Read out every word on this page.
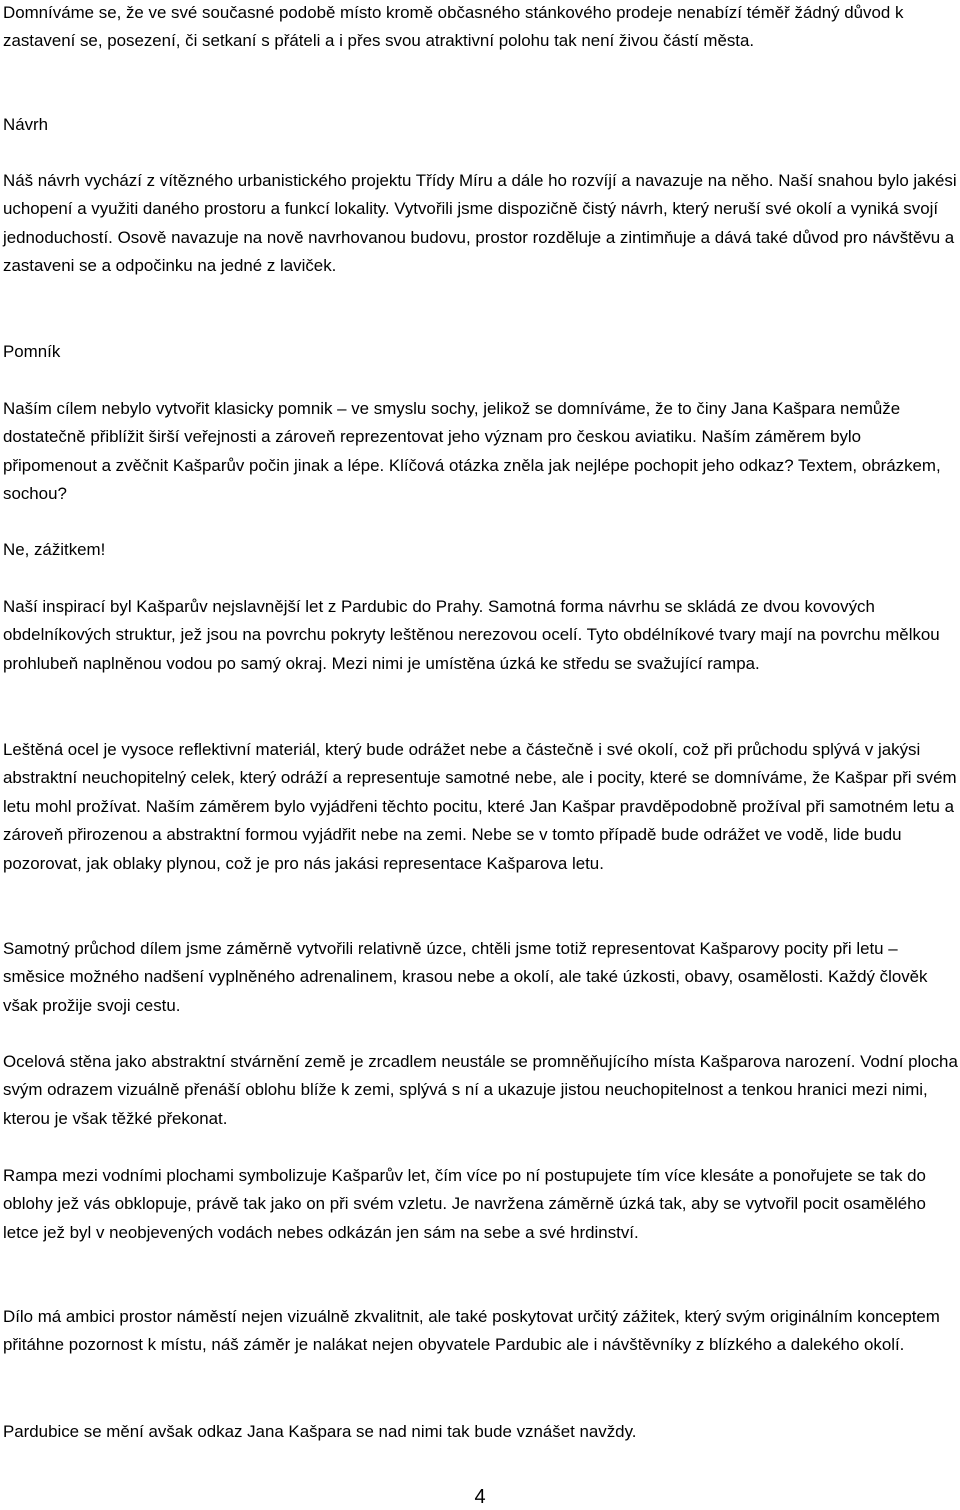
Domníváme se, že ve své současné podobě místo kromě občasného stánkového prodeje nenabízí téměř žádný důvod k zastavení se, posezení, či setkaní s přáteli a i přes svou atraktivní polohu tak není živou částí města.

Návrh

Náš návrh vychází z vítězného urbanistického projektu Třídy Míru a dále ho rozvíjí a navazuje na něho. Naší snahou bylo jakési uchopení a využiti daného prostoru a funkcí lokality. Vytvořili jsme dispozičně čistý návrh, který neruší své okolí a vyniká svojí jednoduchostí. Osově navazuje na nově navrhovanou budovu, prostor rozděluje a zintimňuje a dává také důvod pro návštěvu a zastaveni se a odpočinku na jedné z laviček.

Pomník

Naším cílem nebylo vytvořit klasicky pomnik – ve smyslu sochy, jelikož se domníváme, že to činy Jana Kašpara nemůže dostatečně přiblížit širší veřejnosti a zároveň reprezentovat jeho význam pro českou aviatiku. Naším záměrem bylo připomenout a zvěčnit Kašparův počin jinak a lépe. Klíčová otázka zněla jak nejlépe pochopit jeho odkaz? Textem, obrázkem, sochou?

Ne, zážitkem!

Naší inspirací byl Kašparův nejslavnější let z Pardubic do Prahy. Samotná forma návrhu se skládá ze dvou kovových obdelníkových struktur, jež jsou na povrchu pokryty leštěnou nerezovou ocelí. Tyto obdélníkové tvary mají na povrchu mělkou prohlubeň naplněnou vodou po samý okraj. Mezi nimi je umístěna úzká ke středu se svažující rampa.

Leštěná ocel je vysoce reflektivní materiál, který bude odrážet nebe a částečně i své okolí, což při průchodu splývá v jakýsi abstraktní neuchopitelný celek, který odráží a representuje samotné nebe, ale i pocity, které se domníváme, že Kašpar při svém letu mohl prožívat. Naším záměrem bylo vyjádřeni těchto pocitu, které Jan Kašpar pravděpodobně prožíval při samotném letu a zároveň přirozenou a abstraktní formou vyjádřit nebe na zemi. Nebe se v tomto případě bude odrážet ve vodě, lide budu pozorovat, jak oblaky plynou, což je pro nás jakási representace Kašparova letu.

Samotný průchod dílem jsme záměrně vytvořili relativně úzce, chtěli jsme totiž representovat Kašparovy pocity při letu – směsice možného nadšení vyplněného adrenalinem, krasou nebe a okolí, ale také úzkosti, obavy, osamělosti. Každý člověk však prožije svoji cestu.

Ocelová stěna jako abstraktní stvárnění země je zrcadlem neustále se promněňujícího místa Kašparova narození. Vodní plocha svým odrazem vizuálně přenáší oblohu blíže k zemi, splývá s ní a ukazuje jistou neuchopitelnost a tenkou hranici mezi nimi, kterou je však těžké překonat.

Rampa mezi vodními plochami symbolizuje Kašparův let, čím více po ní postupujete tím více klesáte a ponořujete se tak do oblohy jež vás obklopuje, právě tak jako on při svém vzletu. Je navržena záměrně úzká tak, aby se vytvořil pocit osamělého letce jež byl v neobjevených vodách nebes odkázán jen sám na sebe a své hrdinství.

Dílo má ambici prostor náměstí nejen vizuálně zkvalitnit, ale také poskytovat určitý zážitek, který svým originálním konceptem přitáhne pozornost k místu, náš záměr je nalákat nejen obyvatele Pardubic ale i návštěvníky z blízkého a dalekého okolí.

Pardubice se mění avšak odkaz Jana Kašpara se nad nimi tak bude vznášet navždy.

4
